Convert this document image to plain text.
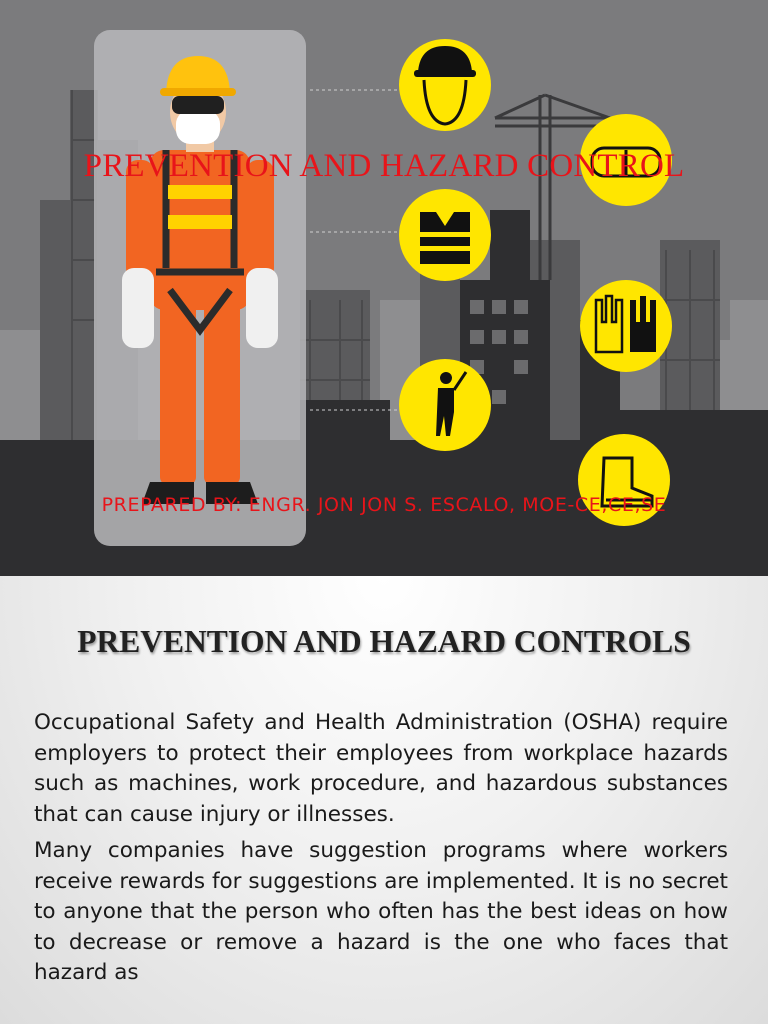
PREVENTION AND HAZARD CONTROL
PREPARED BY: ENGR. JON JON S. ESCALO, MOE-CE,CE,SE
PREVENTION AND HAZARD CONTROLS

Occupational Safety and Health Administration (OSHA) require employers to protect their employees from workplace hazards such as machines, work procedure, and hazardous substances that can cause injury or illnesses.

Many companies have suggestion programs where workers receive rewards for suggestions are implemented. It is no secret to anyone that the person who often has the best ideas on how to decrease or remove a hazard is the one who faces that hazard as
